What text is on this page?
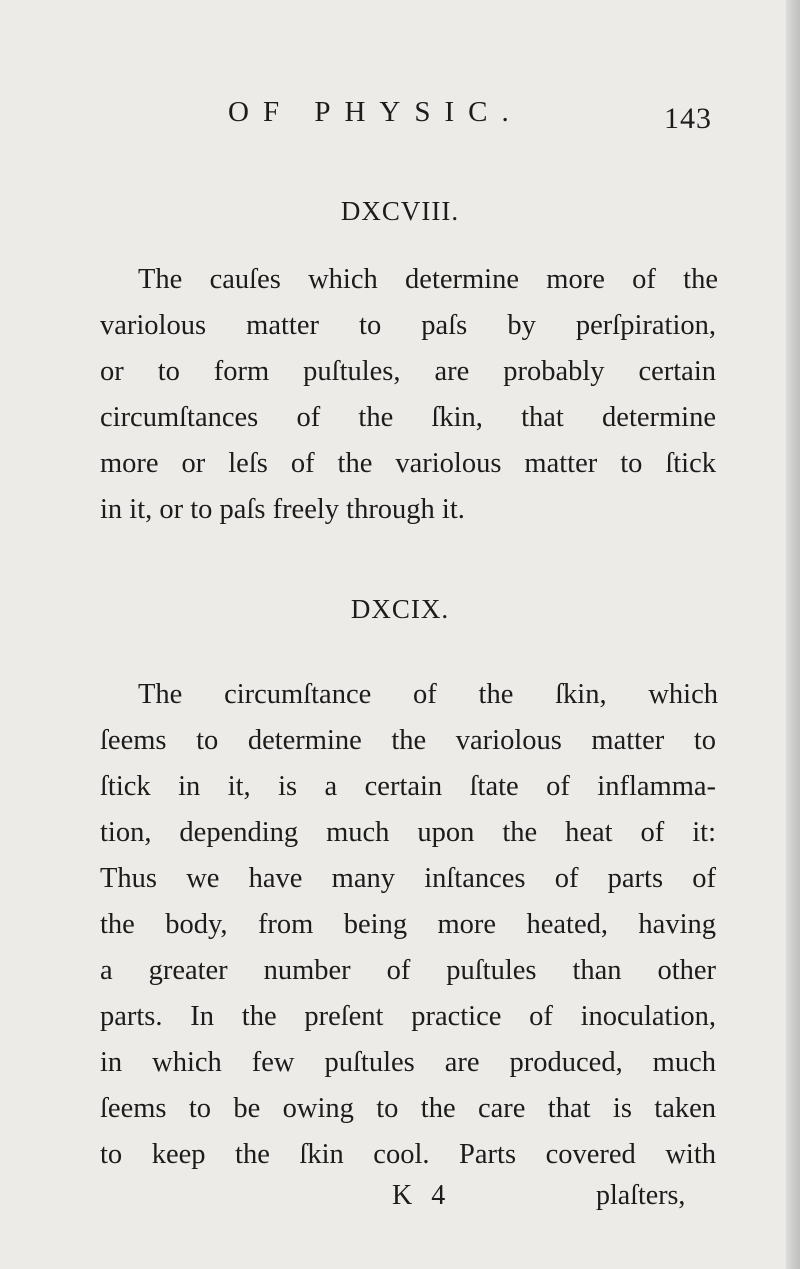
OF PHYSIC.	143
DXCVIII.
The cauſes which determine more of the
variolous matter to paſs by perſpiration,
or to form puſtules, are probably certain
circumſtances of the ſkin, that determine
more or leſs of the variolous matter to ſtick
in it, or to paſs freely through it.
DXCIX.
The circumſtance of the ſkin, which
ſeems to determine the variolous matter to
ſtick in it, is a certain ſtate of inflamma-
tion, depending much upon the heat of it:
Thus we have many inſtances of parts of
the body, from being more heated, having
a greater number of puſtules than other
parts. In the preſent practice of inoculation,
in which few puſtules are produced, much
ſeems to be owing to the care that is taken
to keep the ſkin cool. Parts covered with
K 4	plaſters,
